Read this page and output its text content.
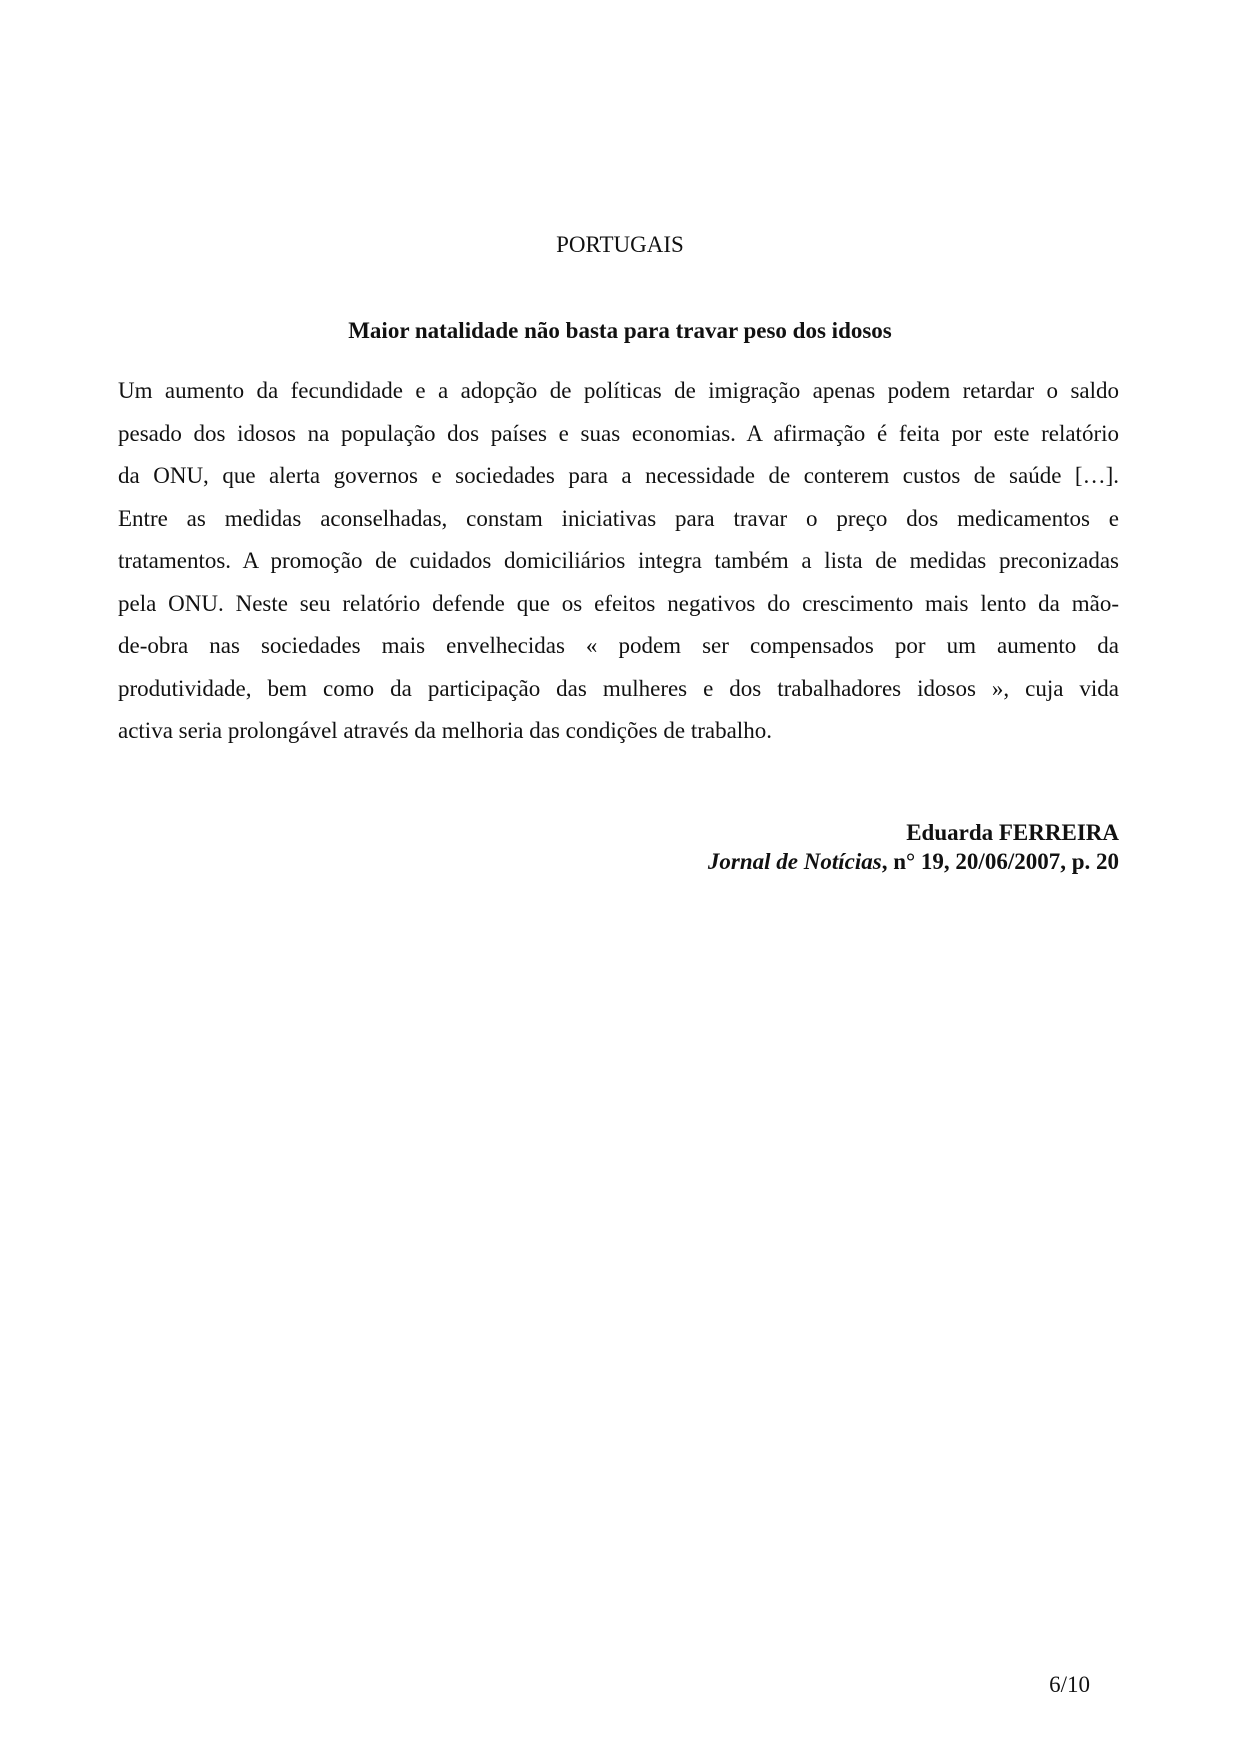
PORTUGAIS
Maior natalidade não basta para travar peso dos idosos
Um aumento da fecundidade e a adopção de políticas de imigração apenas podem retardar o saldo
pesado dos idosos na população dos países e suas economias. A afirmação é feita por este relatório
da ONU, que alerta governos e sociedades para a necessidade de conterem custos de saúde […].
Entre as medidas aconselhadas, constam iniciativas para travar o preço dos medicamentos e
tratamentos. A promoção de cuidados domiciliários integra também a lista de medidas preconizadas
pela ONU. Neste seu relatório defende que os efeitos negativos do crescimento mais lento da mão-
de-obra nas sociedades mais envelhecidas « podem ser compensados por um aumento da
produtividade, bem como da participação das mulheres e dos trabalhadores idosos », cuja vida
activa seria prolongável através da melhoria das condições de trabalho.
Eduarda FERREIRA
Jornal de Notícias, n° 19, 20/06/2007, p. 20
6/10
